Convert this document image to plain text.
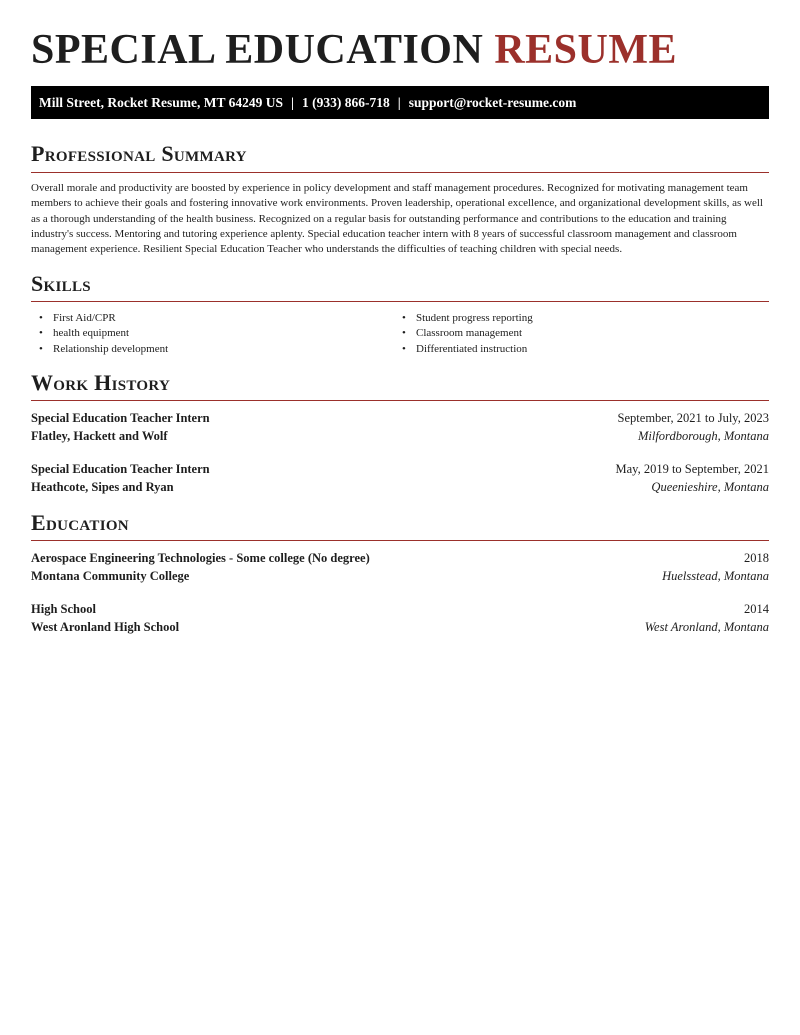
SPECIAL EDUCATION RESUME
Mill Street, Rocket Resume, MT 64249 US | 1 (933) 866-718 | support@rocket-resume.com
Professional Summary

Overall morale and productivity are boosted by experience in policy development and staff management procedures. Recognized for motivating management team members to achieve their goals and fostering innovative work environments. Proven leadership, operational excellence, and organizational development skills, as well as a thorough understanding of the health business. Recognized on a regular basis for outstanding performance and contributions to the education and training industry's success. Mentoring and tutoring experience aplenty. Special education teacher intern with 8 years of successful classroom management and classroom management experience. Resilient Special Education Teacher who understands the difficulties of teaching children with special needs.

Skills
• First Aid/CPR
• health equipment
• Relationship development
• Student progress reporting
• Classroom management
• Differentiated instruction
Work History
Special Education Teacher Intern	September, 2021 to July, 2023
Flatley, Hackett and Wolf	Milfordborough, Montana
Special Education Teacher Intern	May, 2019 to September, 2021
Heathcote, Sipes and Ryan	Queenieshire, Montana
Education
Aerospace Engineering Technologies - Some college (No degree)	2018
Montana Community College	Huelsstead, Montana
High School	2014
West Aronland High School	West Aronland, Montana
